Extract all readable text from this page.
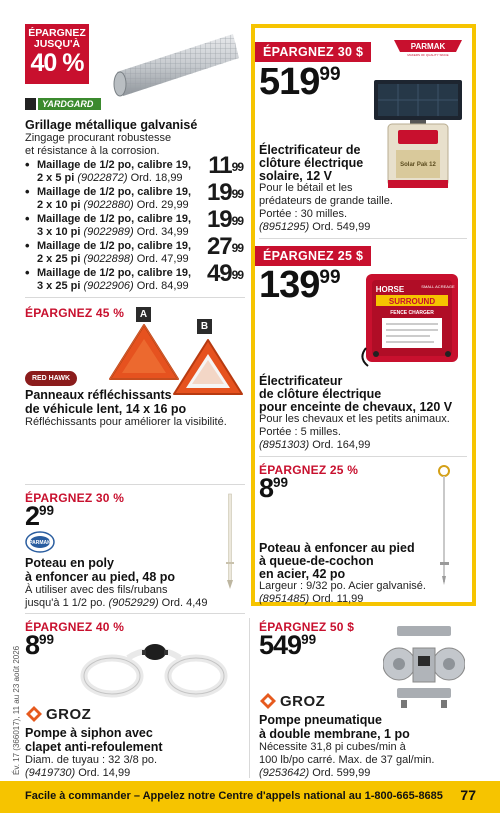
ÉPARGNEZ
JUSQU'À
40 %
YARDGARD
Grillage métallique galvanisé
Zingage procurant robustesse
et résistance à la corrosion.
• Maillage de 1/2 po, calibre 19,
2 x 5 pi (9022872) Ord. 18,99 $11^{99}$
• Maillage de 1/2 po, calibre 19,
2 x 10 pi (9022880) Ord. 29,99 $19^{99}$
• Maillage de 1/2 po, calibre 19,
3 x 10 pi (9022989) Ord. 34,99 $19^{99}$
• Maillage de 1/2 po, calibre 19,
2 x 25 pi (9022898) Ord. 47,99 $27^{99}$
• Maillage de 1/2 po, calibre 19,
3 x 25 pi (9022906) Ord. 84,99 $49^{99}$
ÉPARGNEZ 45 %	A
B
RED HAWK
Panneaux réfléchissants
de véhicule lent, 14 x 16 po
Réfléchissants pour améliorer la visibilité.
ÉPARGNEZ 30 %
$2^{99}$
PARMAK
Poteau en poly
à enfoncer au pied, 48 po
À utiliser avec des fils/rubans
jusqu'à 1 1/2 po. (9052929) Ord. 4,49
ÉPARGNEZ 40 %
$8^{99}$
GROZ
Pompe à siphon avec
clapet anti-refoulement
Diam. de tuyau : 32 3/8 po.
(9419730) Ord. 14,99
ÉPARGNEZ 30 $	PARMAK
MAKERS OF QUALITY SINCE
$519^{99}$
Solar Pak 12
Électrificateur de
clôture électrique
solaire, 12 V
Pour le bétail et les
prédateurs de grande taille.
Portée : 30 milles.
(8951295) Ord. 549,99
ÉPARGNEZ 25 $
$139^{99}$	SMALL ACREAGE
HORSE
SURROUND
FENCE CHARGER
Électrificateur
de clôture électrique
pour enceinte de chevaux, 120 V
Pour les chevaux et les petits animaux.
Portée : 5 milles.
(8951303) Ord. 164,99
ÉPARGNEZ 25 %
$8^{99}$
Poteau à enfoncer au pied
à queue-de-cochon
en acier, 42 po
Largeur : 9/32 po. Acier galvanisé.
(8951485) Ord. 11,99
ÉPARGNEZ 50 $
$549^{99}$
GROZ
Pompe pneumatique
à double membrane, 1 po
Nécessite 31,8 pi cubes/min à
100 lb/po carré. Max. de 37 gal/min.
(9253642) Ord. 599,99
Év. 17 (366017), 11 au 23 août 2026
Facile à commander – Appelez notre Centre d'appels national au 1-800-665-8685 77
